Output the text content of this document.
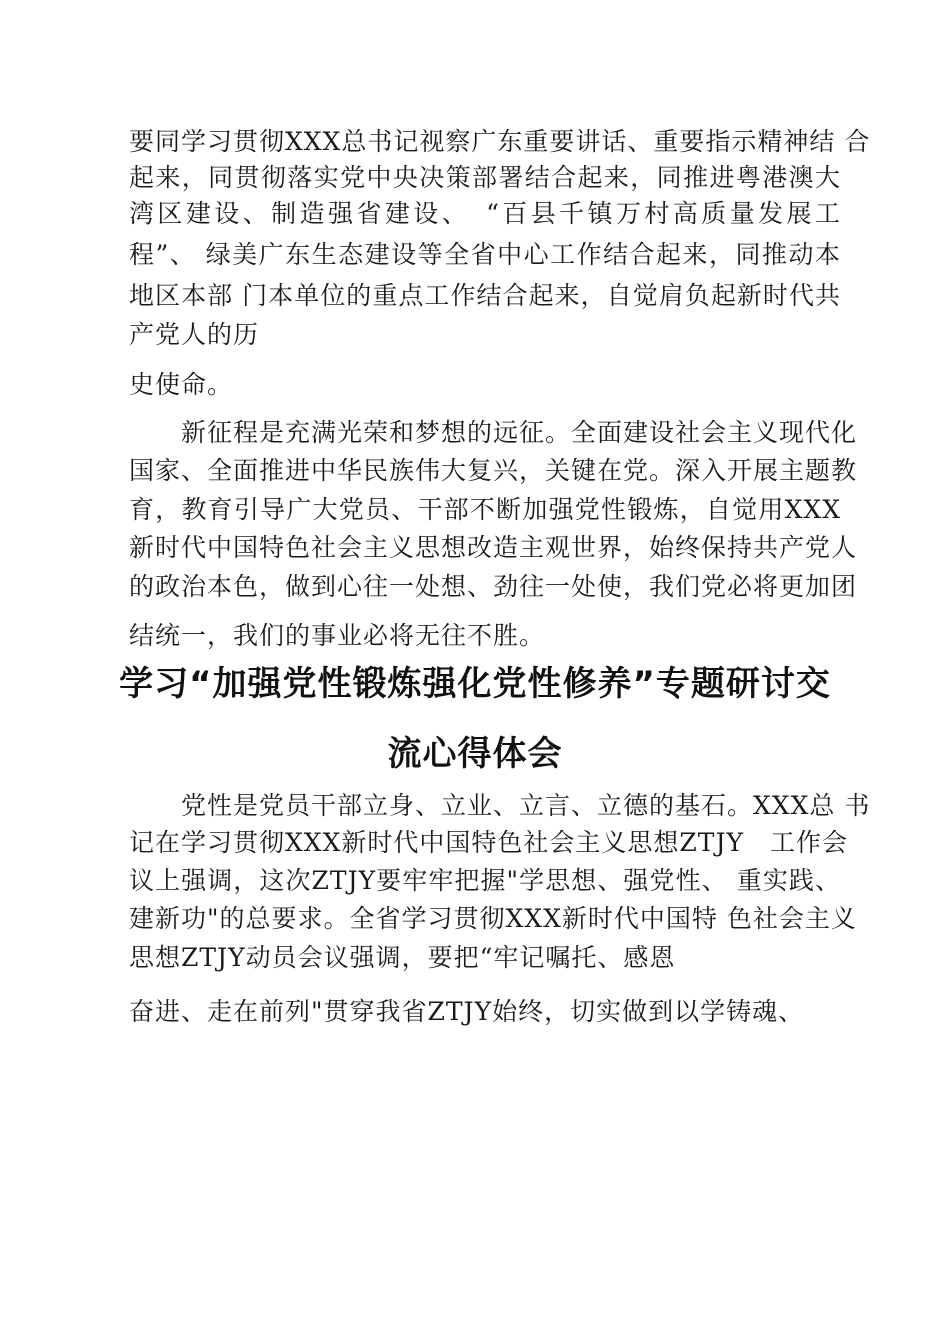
要同学习贯彻XXX总书记视察广东重要讲话、重要指示精神结 合
起来，同贯彻落实党中央决策部署结合起来，同推进粤港澳大
湾区建设、制造强省建设、　“百县千镇万村高质量发展工
程”、 绿美广东生态建设等全省中心工作结合起来，同推动本
地区本部 门本单位的重点工作结合起来，自觉肩负起新时代共
产党人的历
史使命。
　　新征程是充满光荣和梦想的远征。全面建设社会主义现代化
国家、全面推进中华民族伟大复兴，关键在党。深入开展主题教
育，教育引导广大党员、干部不断加强党性锻炼，自觉用XXX
新时代中国特色社会主义思想改造主观世界，始终保持共产党人
的政治本色，做到心往一处想、劲往一处使，我们党必将更加团
结统一，我们的事业必将无往不胜。
学习“加强党性锻炼强化党性修养”专题研讨交
流心得体会
　　党性是党员干部立身、立业、立言、立德的基石。XXX总 书
记在学习贯彻XXX新时代中国特色社会主义思想ZTJY　工作会
议上强调，这次ZTJY要牢牢把握"学思想、强党性、 重实践、
建新功"的总要求。全省学习贯彻XXX新时代中国特 色社会主义
思想ZTJY动员会议强调，要把“牢记嘱托、感恩
奋进、走在前列"贯穿我省ZTJY始终，切实做到以学铸魂、
